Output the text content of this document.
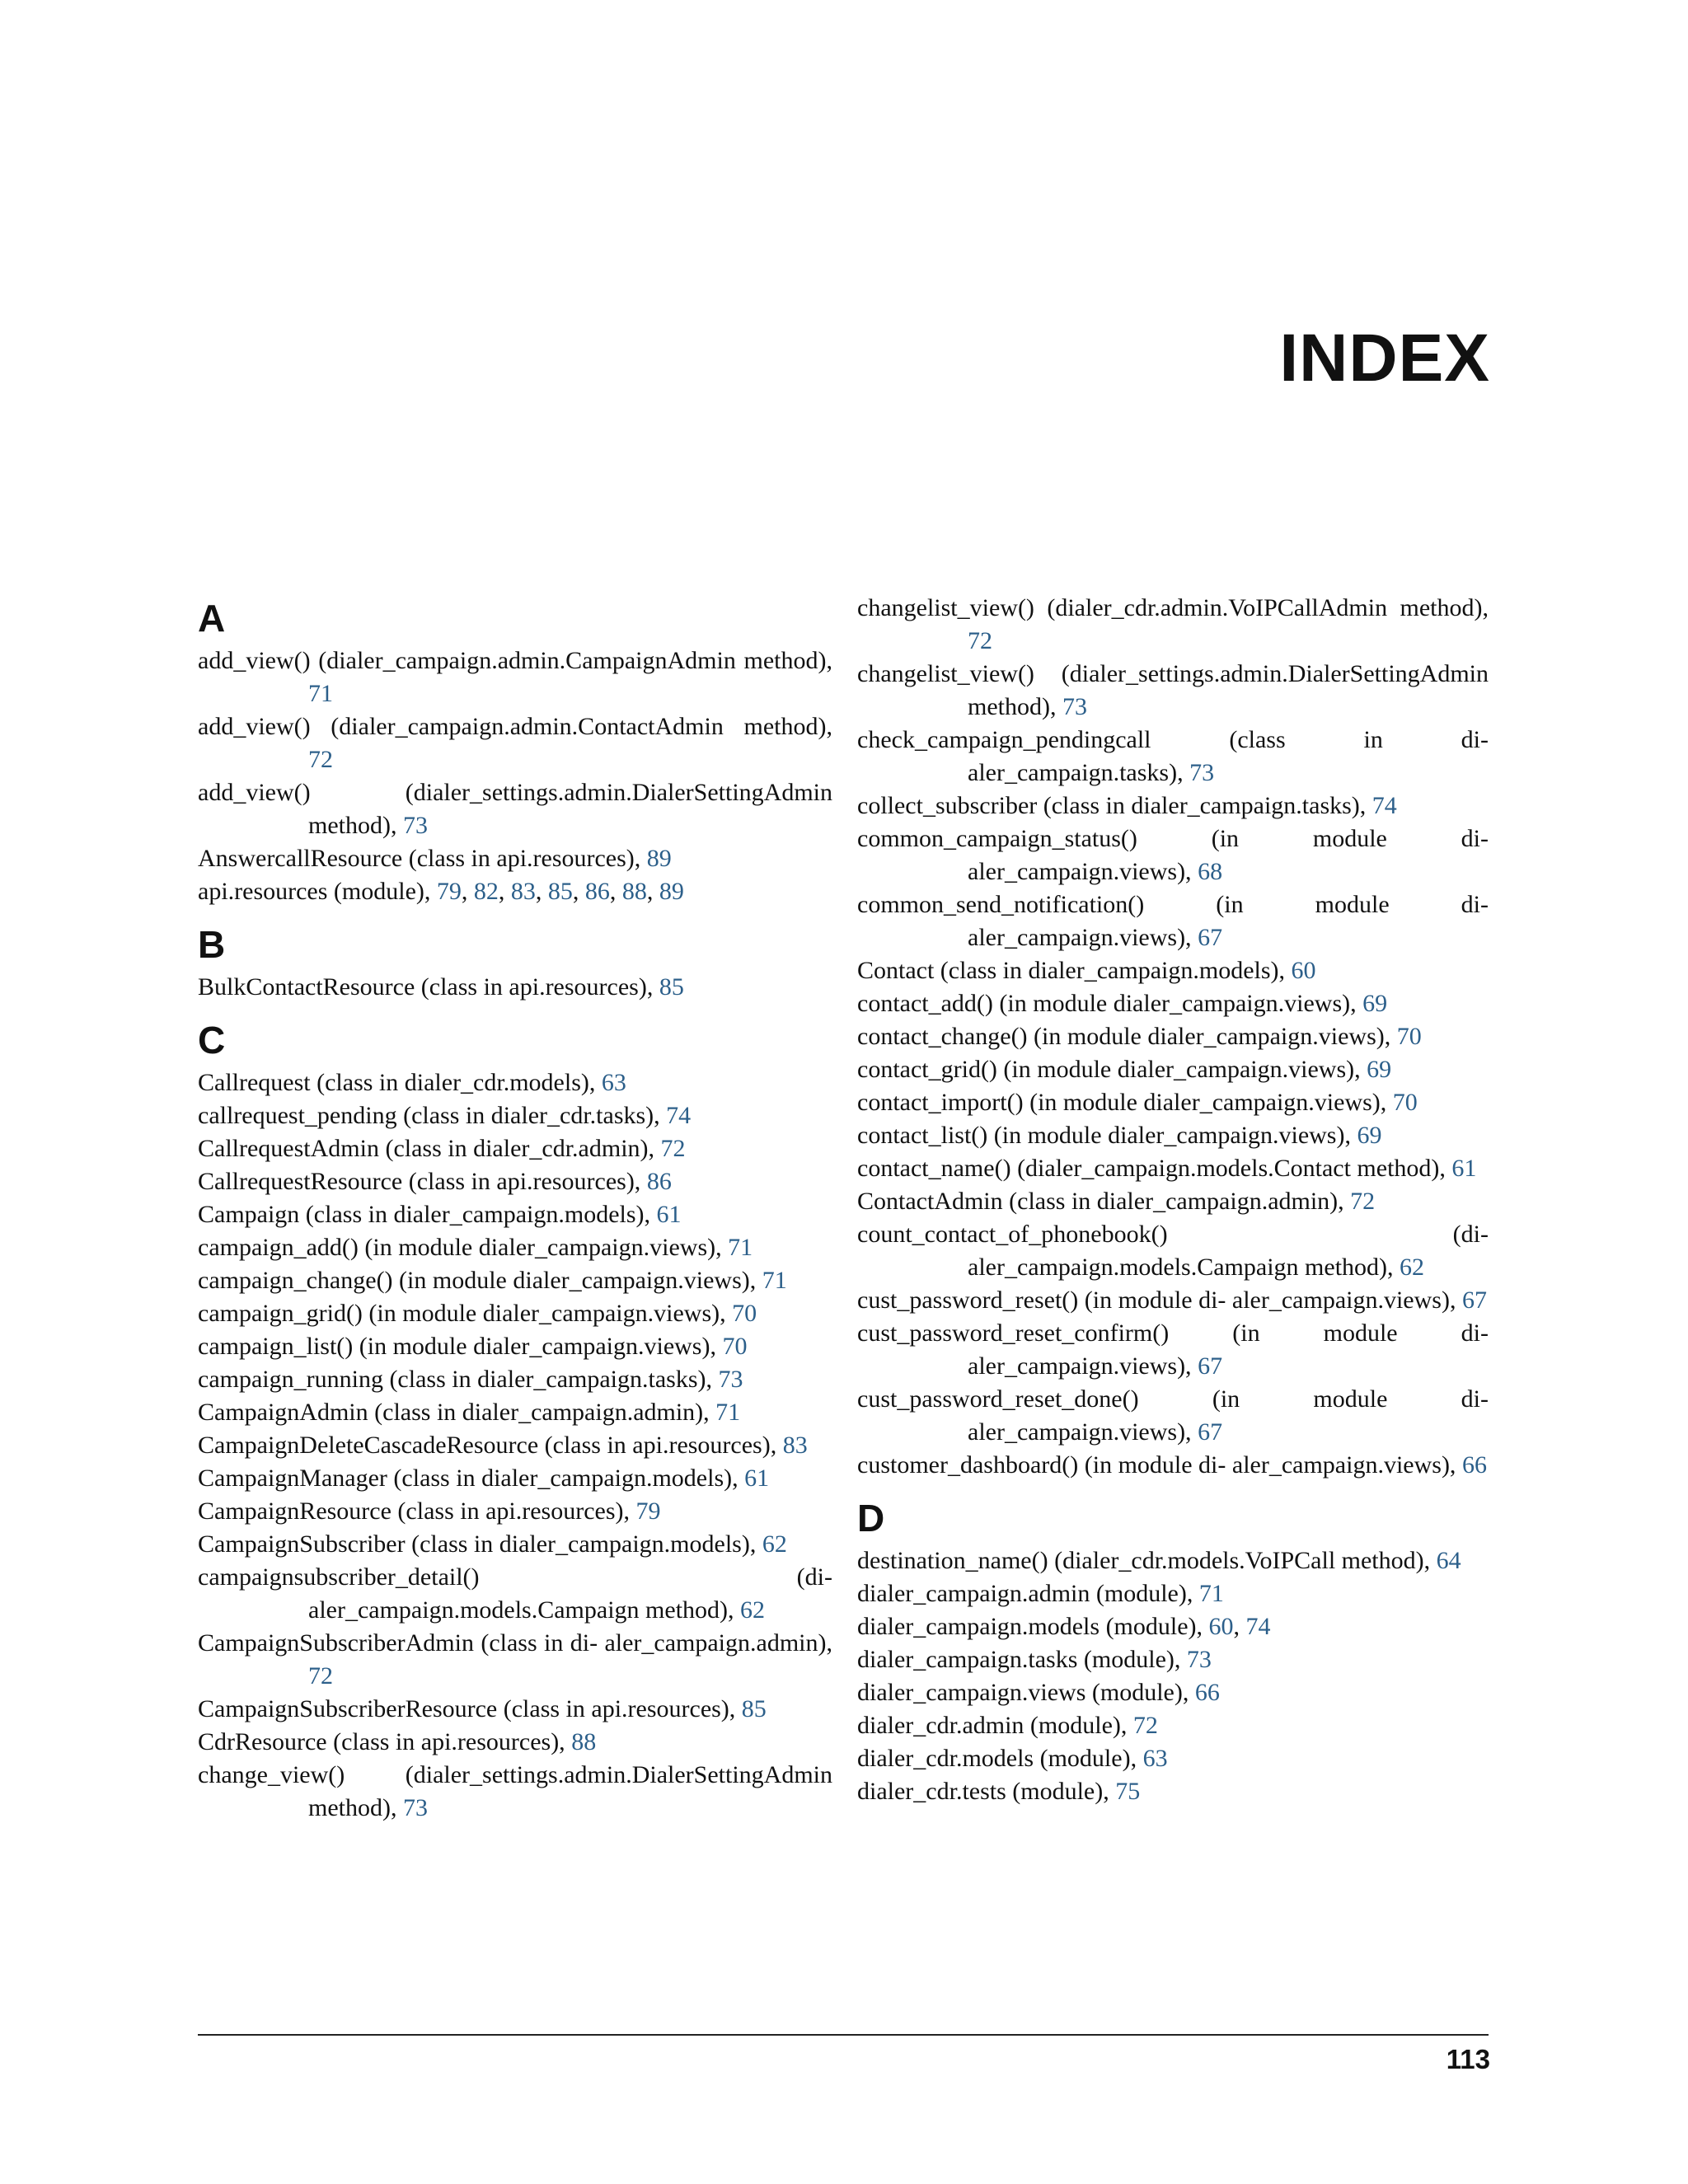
INDEX
A

add_view() (dialer_campaign.admin.CampaignAdmin method), 71

add_view() (dialer_campaign.admin.ContactAdmin method), 72

add_view() (dialer_settings.admin.DialerSettingAdmin method), 73

AnswercallResource (class in api.resources), 89

api.resources (module), 79, 82, 83, 85, 86, 88, 89

B

BulkContactResource (class in api.resources), 85

C

Callrequest (class in dialer_cdr.models), 63

callrequest_pending (class in dialer_cdr.tasks), 74

CallrequestAdmin (class in dialer_cdr.admin), 72

CallrequestResource (class in api.resources), 86

Campaign (class in dialer_campaign.models), 61

campaign_add() (in module dialer_campaign.views), 71

campaign_change() (in module dialer_campaign.views), 71

campaign_grid() (in module dialer_campaign.views), 70

campaign_list() (in module dialer_campaign.views), 70

campaign_running (class in dialer_campaign.tasks), 73

CampaignAdmin (class in dialer_campaign.admin), 71

CampaignDeleteCascadeResource (class in api.resources), 83

CampaignManager (class in dialer_campaign.models), 61

CampaignResource (class in api.resources), 79

CampaignSubscriber (class in dialer_campaign.models), 62

campaignsubscriber_detail() (di- aler_campaign.models.Campaign method), 62

CampaignSubscriberAdmin (class in di- aler_campaign.admin), 72

CampaignSubscriberResource (class in api.resources), 85

CdrResource (class in api.resources), 88

change_view() (dialer_settings.admin.DialerSettingAdmin method), 73

changelist_view() (dialer_cdr.admin.VoIPCallAdmin method), 72

changelist_view() (dialer_settings.admin.DialerSettingAdmin method), 73

check_campaign_pendingcall (class in di- aler_campaign.tasks), 73

collect_subscriber (class in dialer_campaign.tasks), 74

common_campaign_status() (in module di- aler_campaign.views), 68

common_send_notification() (in module di- aler_campaign.views), 67

Contact (class in dialer_campaign.models), 60

contact_add() (in module dialer_campaign.views), 69

contact_change() (in module dialer_campaign.views), 70

contact_grid() (in module dialer_campaign.views), 69

contact_import() (in module dialer_campaign.views), 70

contact_list() (in module dialer_campaign.views), 69

contact_name() (dialer_campaign.models.Contact method), 61

ContactAdmin (class in dialer_campaign.admin), 72

count_contact_of_phonebook() (di- aler_campaign.models.Campaign method), 62

cust_password_reset() (in module di- aler_campaign.views), 67

cust_password_reset_confirm() (in module di- aler_campaign.views), 67

cust_password_reset_done() (in module di- aler_campaign.views), 67

customer_dashboard() (in module di- aler_campaign.views), 66

D

destination_name() (dialer_cdr.models.VoIPCall method), 64

dialer_campaign.admin (module), 71

dialer_campaign.models (module), 60, 74

dialer_campaign.tasks (module), 73

dialer_campaign.views (module), 66

dialer_cdr.admin (module), 72

dialer_cdr.models (module), 63

dialer_cdr.tests (module), 75

113
